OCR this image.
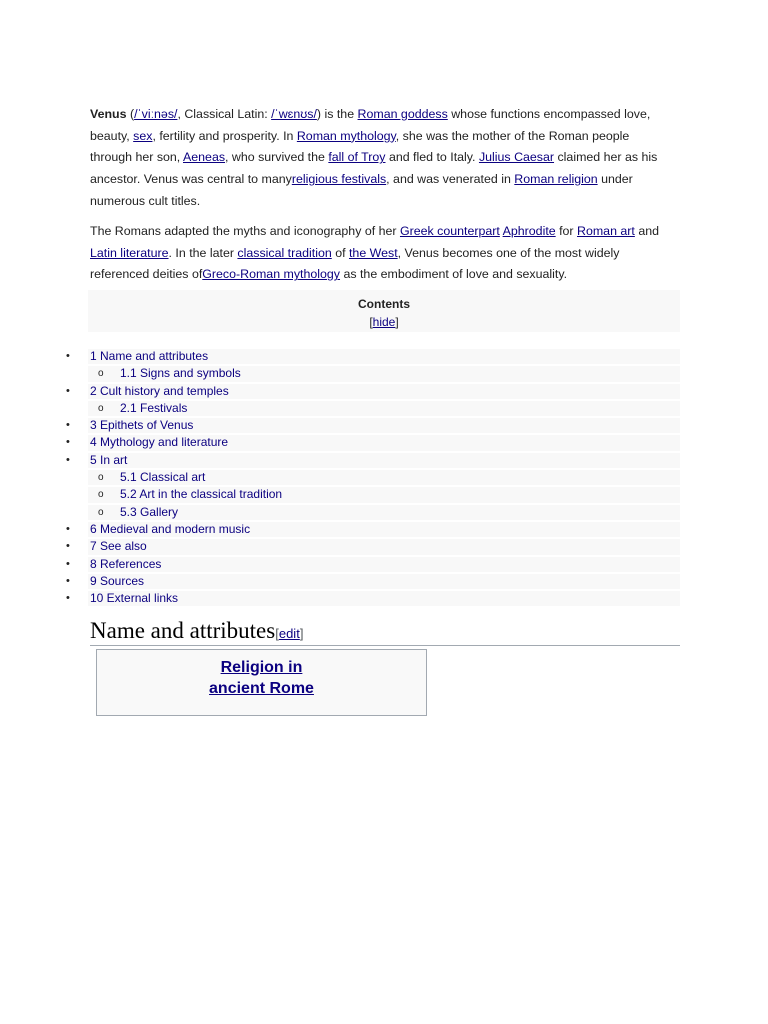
Venus (/ˈviːnəs/, Classical Latin: /ˈwɛnʊs/) is the Roman goddess whose functions encompassed love, beauty, sex, fertility and prosperity. In Roman mythology, she was the mother of the Roman people through her son, Aeneas, who survived the fall of Troy and fled to Italy. Julius Caesar claimed her as his ancestor. Venus was central to manyreligious festivals, and was venerated in Roman religion under numerous cult titles.

The Romans adapted the myths and iconography of her Greek counterpart Aphrodite for Roman art and Latin literature. In the later classical tradition of the West, Venus becomes one of the most widely referenced deities ofGreco-Roman mythology as the embodiment of love and sexuality.

Contents
[hide]
• 1 Name and attributes
o 1.1 Signs and symbols
• 2 Cult history and temples
o 2.1 Festivals
• 3 Epithets of Venus
• 4 Mythology and literature
• 5 In art
o 5.1 Classical art
o 5.2 Art in the classical tradition
o 5.3 Gallery
• 6 Medieval and modern music
• 7 See also
• 8 References
• 9 Sources
• 10 External links
Name and attributes[edit]
Religion in
ancient Rome
